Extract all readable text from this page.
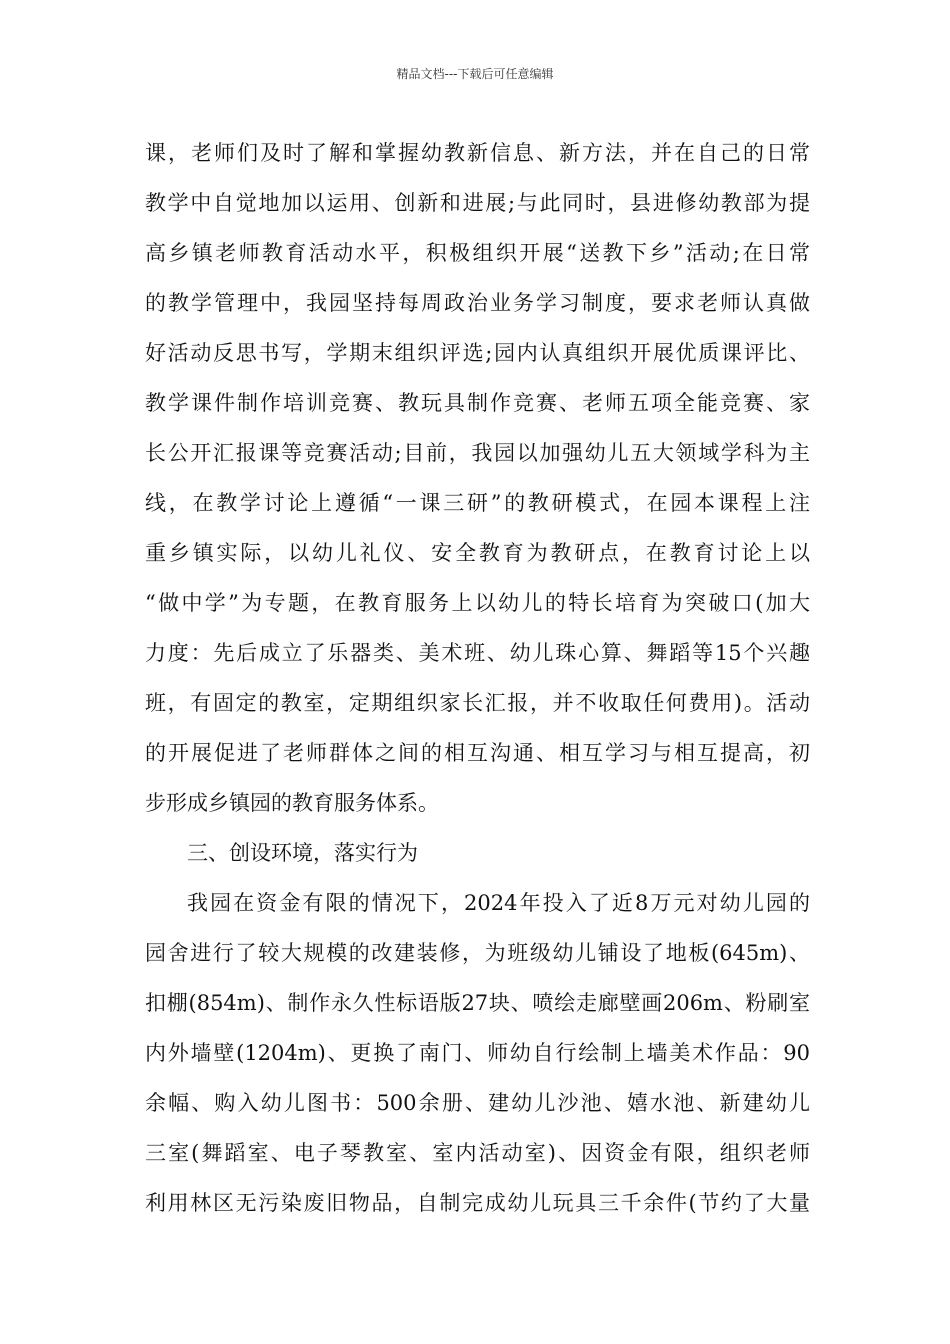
精品文档---下载后可任意编辑
课，老师们及时了解和掌握幼教新信息、新方法，并在自己的日常
教学中自觉地加以运用、创新和进展;与此同时，县进修幼教部为提
高乡镇老师教育活动水平，积极组织开展“送教下乡”活动;在日常
的教学管理中，我园坚持每周政治业务学习制度，要求老师认真做
好活动反思书写，学期末组织评选;园内认真组织开展优质课评比、
教学课件制作培训竞赛、教玩具制作竞赛、老师五项全能竞赛、家
长公开汇报课等竞赛活动;目前，我园以加强幼儿五大领域学科为主
线，在教学讨论上遵循“一课三研”的教研模式，在园本课程上注
重乡镇实际，以幼儿礼仪、安全教育为教研点，在教育讨论上以
“做中学”为专题，在教育服务上以幼儿的特长培育为突破口(加大
力度：先后成立了乐器类、美术班、幼儿珠心算、舞蹈等15个兴趣
班，有固定的教室，定期组织家长汇报，并不收取任何费用)。活动
的开展促进了老师群体之间的相互沟通、相互学习与相互提高，初
步形成乡镇园的教育服务体系。
三、创设环境，落实行为
我园在资金有限的情况下，2024年投入了近8万元对幼儿园的
园舍进行了较大规模的改建装修，为班级幼儿铺设了地板(645m)、
扣棚(854m)、制作永久性标语版27块、喷绘走廊壁画206m、粉刷室
内外墙壁(1204m)、更换了南门、师幼自行绘制上墙美术作品：90
余幅、购入幼儿图书：500余册、建幼儿沙池、嬉水池、新建幼儿
三室(舞蹈室、电子琴教室、室内活动室)、因资金有限，组织老师
利用林区无污染废旧物品，自制完成幼儿玩具三千余件(节约了大量
